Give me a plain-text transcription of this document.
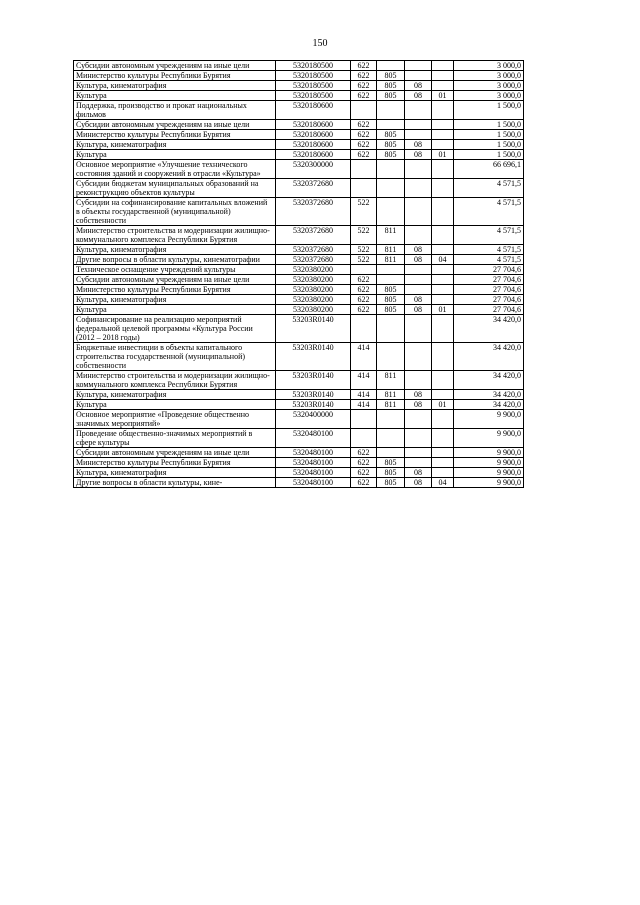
150
Субсидии автономным учреждениям на иные цели	5320180500	622				3 000,0
Министерство культуры Республики Бурятия	5320180500	622	805			3 000,0
Культура, кинематография	5320180500	622	805	08		3 000,0
Культура	5320180500	622	805	08	01	3 000,0
Поддержка, производство и прокат национальных фильмов	5320180600					1 500,0
Субсидии автономным учреждениям на иные цели	5320180600	622				1 500,0
Министерство культуры Республики Бурятия	5320180600	622	805			1 500,0
Культура, кинематография	5320180600	622	805	08		1 500,0
Культура	5320180600	622	805	08	01	1 500,0
Основное мероприятие «Улучшение технического состояния зданий и сооружений в отрасли «Культура»	5320300000					66 696,1
Субсидии бюджетам муниципальных образований на реконструкцию объектов культуры	5320372680					4 571,5
Субсидии на софинансирование капитальных вложений в объекты государственной (муниципальной) собственности	5320372680	522				4 571,5
Министерство строительства и модернизации жилищно-коммунального комплекса Республики Бурятия	5320372680	522	811			4 571,5
Культура, кинематография	5320372680	522	811	08		4 571,5
Другие вопросы в области культуры, кинематографии	5320372680	522	811	08	04	4 571,5
Техническое оснащение учреждений культуры	5320380200					27 704,6
Субсидии автономным учреждениям на иные цели	5320380200	622				27 704,6
Министерство культуры Республики Бурятия	5320380200	622	805			27 704,6
Культура, кинематография	5320380200	622	805	08		27 704,6
Культура	5320380200	622	805	08	01	27 704,6
Софинансирование на реализацию мероприятий федеральной целевой программы «Культура России (2012 – 2018 годы)	53203R0140					34 420,0
Бюджетные инвестиции в объекты капитального строительства государственной (муниципальной) собственности	53203R0140	414				34 420,0
Министерство строительства и модернизации жилищно-коммунального комплекса Республики Бурятия	53203R0140	414	811			34 420,0
Культура, кинематография	53203R0140	414	811	08		34 420,0
Культура	53203R0140	414	811	08	01	34 420,0
Основное мероприятие «Проведение общественно значимых мероприятий»	5320400000					9 900,0
Проведение общественно-значимых мероприятий в сфере культуры	5320480100					9 900,0
Субсидии автономным учреждениям на иные цели	5320480100	622				9 900,0
Министерство культуры Республики Бурятия	5320480100	622	805			9 900,0
Культура, кинематография	5320480100	622	805	08		9 900,0
Другие вопросы в области культуры, кине-	5320480100	622	805	08	04	9 900,0
